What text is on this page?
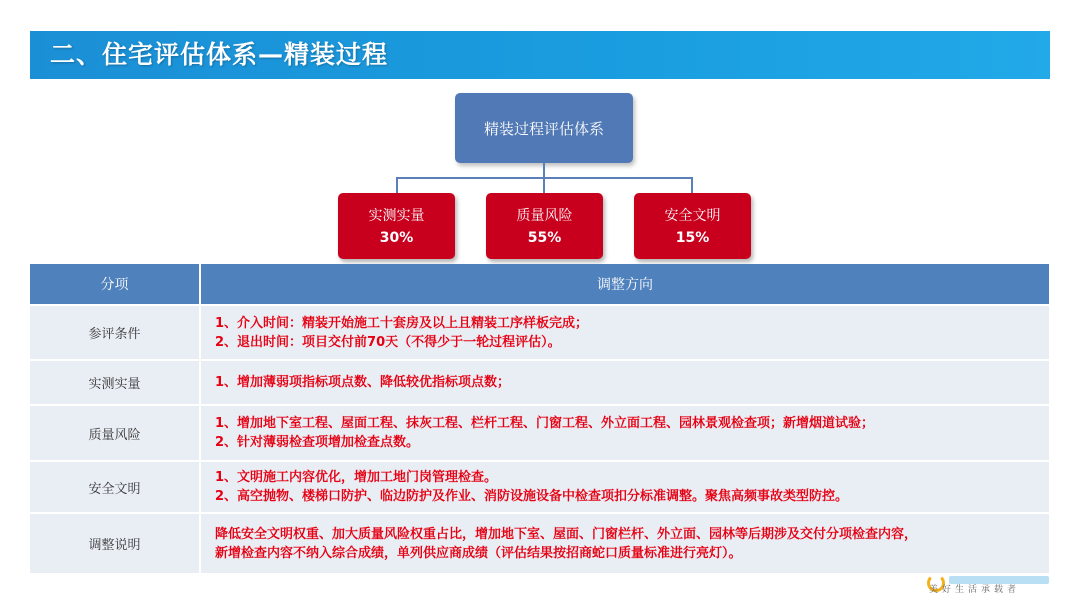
二、住宅评估体系—精装过程
精装过程评估体系
实测实量
30%
质量风险
55%
安全文明
15%
分项	调整方向
参评条件	1、介入时间：精装开始施工十套房及以上且精装工序样板完成；
2、退出时间：项目交付前70天（不得少于一轮过程评估）。

实测实量	1、增加薄弱项指标项点数、降低较优指标项点数；

质量风险	1、增加地下室工程、屋面工程、抹灰工程、栏杆工程、门窗工程、外立面工程、园林景观检查项；新增烟道试验；
2、针对薄弱检查项增加检查点数。

安全文明	1、文明施工内容优化，增加工地门岗管理检查。
2、高空抛物、楼梯口防护、临边防护及作业、消防设施设备中检查项扣分标准调整。聚焦高频事故类型防控。

调整说明	降低安全文明权重、加大质量风险权重占比，增加地下室、屋面、门窗栏杆、外立面、园林等后期涉及交付分项检查内容，
新增检查内容不纳入综合成绩，单列供应商成绩（评估结果按招商蛇口质量标准进行亮灯）。
美好生活承载者
